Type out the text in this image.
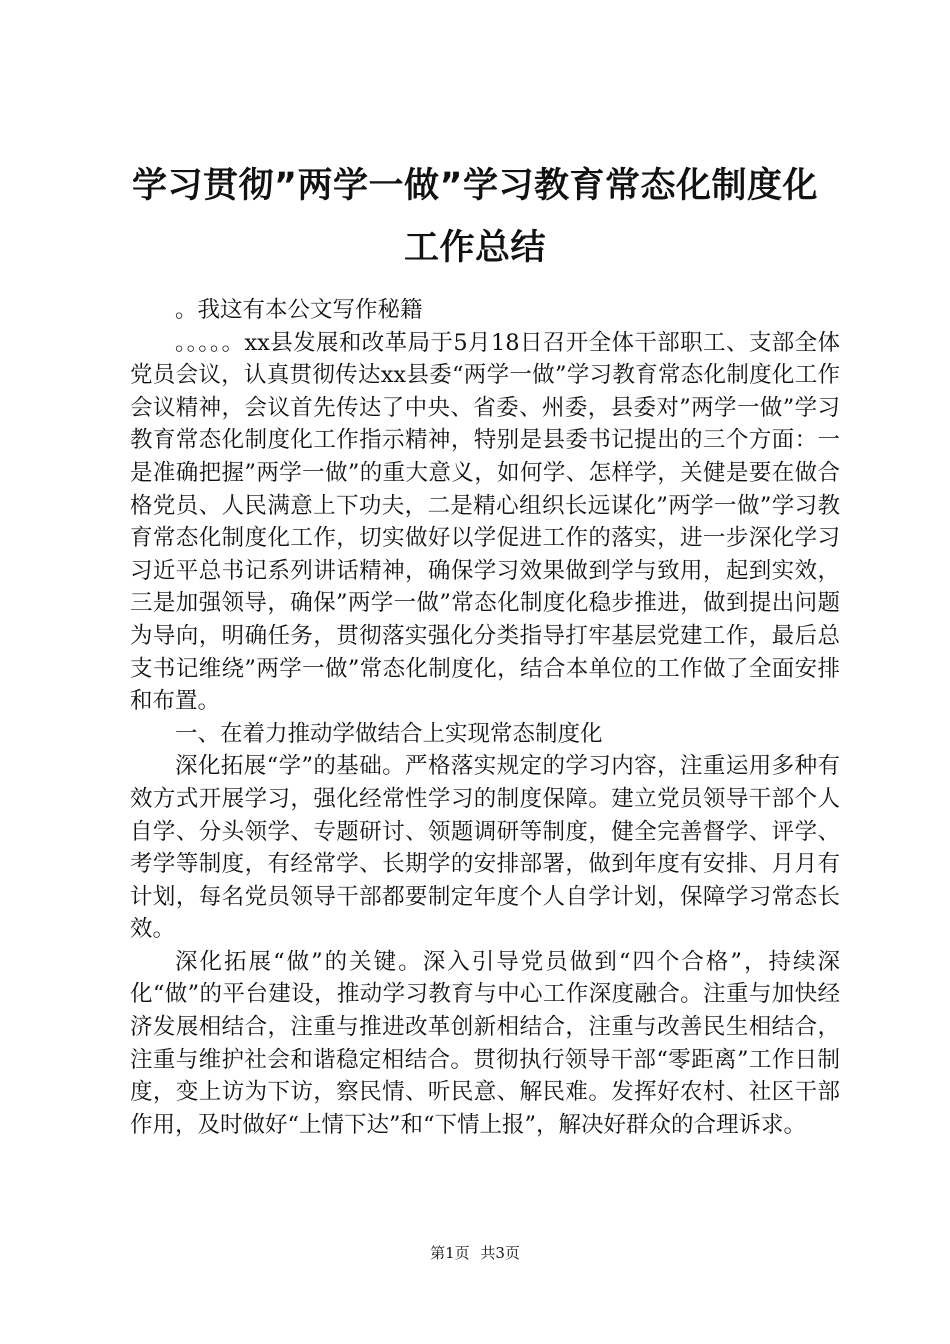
学习贯彻”两学一做”学习教育常态化制度化
工作总结

。我这有本公文写作秘籍

。。。。。xx县发展和改革局于5月18日召开全体干部职工、支部全体党员会议，认真贯彻传达xx县委“两学一做”学习教育常态化制度化工作会议精神，会议首先传达了中央、省委、州委，县委对”两学一做”学习教育常态化制度化工作指示精神，特别是县委书记提出的三个方面：一是准确把握”两学一做”的重大意义，如何学、怎样学，关健是要在做合格党员、人民满意上下功夫，二是精心组织长远谋化”两学一做”学习教育常态化制度化工作，切实做好以学促进工作的落实，进一步深化学习习近平总书记系列讲话精神，确保学习效果做到学与致用，起到实效，三是加强领导，确保”两学一做”常态化制度化稳步推进，做到提出问题为导向，明确任务，贯彻落实强化分类指导打牢基层党建工作，最后总支书记维绕”两学一做”常态化制度化，结合本单位的工作做了全面安排和布置。

一、在着力推动学做结合上实现常态制度化

深化拓展“学”的基础。严格落实规定的学习内容，注重运用多种有效方式开展学习，强化经常性学习的制度保障。建立党员领导干部个人自学、分头领学、专题研讨、领题调研等制度，健全完善督学、评学、考学等制度，有经常学、长期学的安排部署，做到年度有安排、月月有计划，每名党员领导干部都要制定年度个人自学计划，保障学习常态长效。

深化拓展“做”的关键。深入引导党员做到“四个合格”，持续深化“做”的平台建设，推动学习教育与中心工作深度融合。注重与加快经济发展相结合，注重与推进改革创新相结合，注重与改善民生相结合，注重与维护社会和谐稳定相结合。贯彻执行领导干部“零距离”工作日制度，变上访为下访，察民情、听民意、解民难。发挥好农村、社区干部作用，及时做好“上情下达”和“下情上报”，解决好群众的合理诉求。

第1页 共3页
